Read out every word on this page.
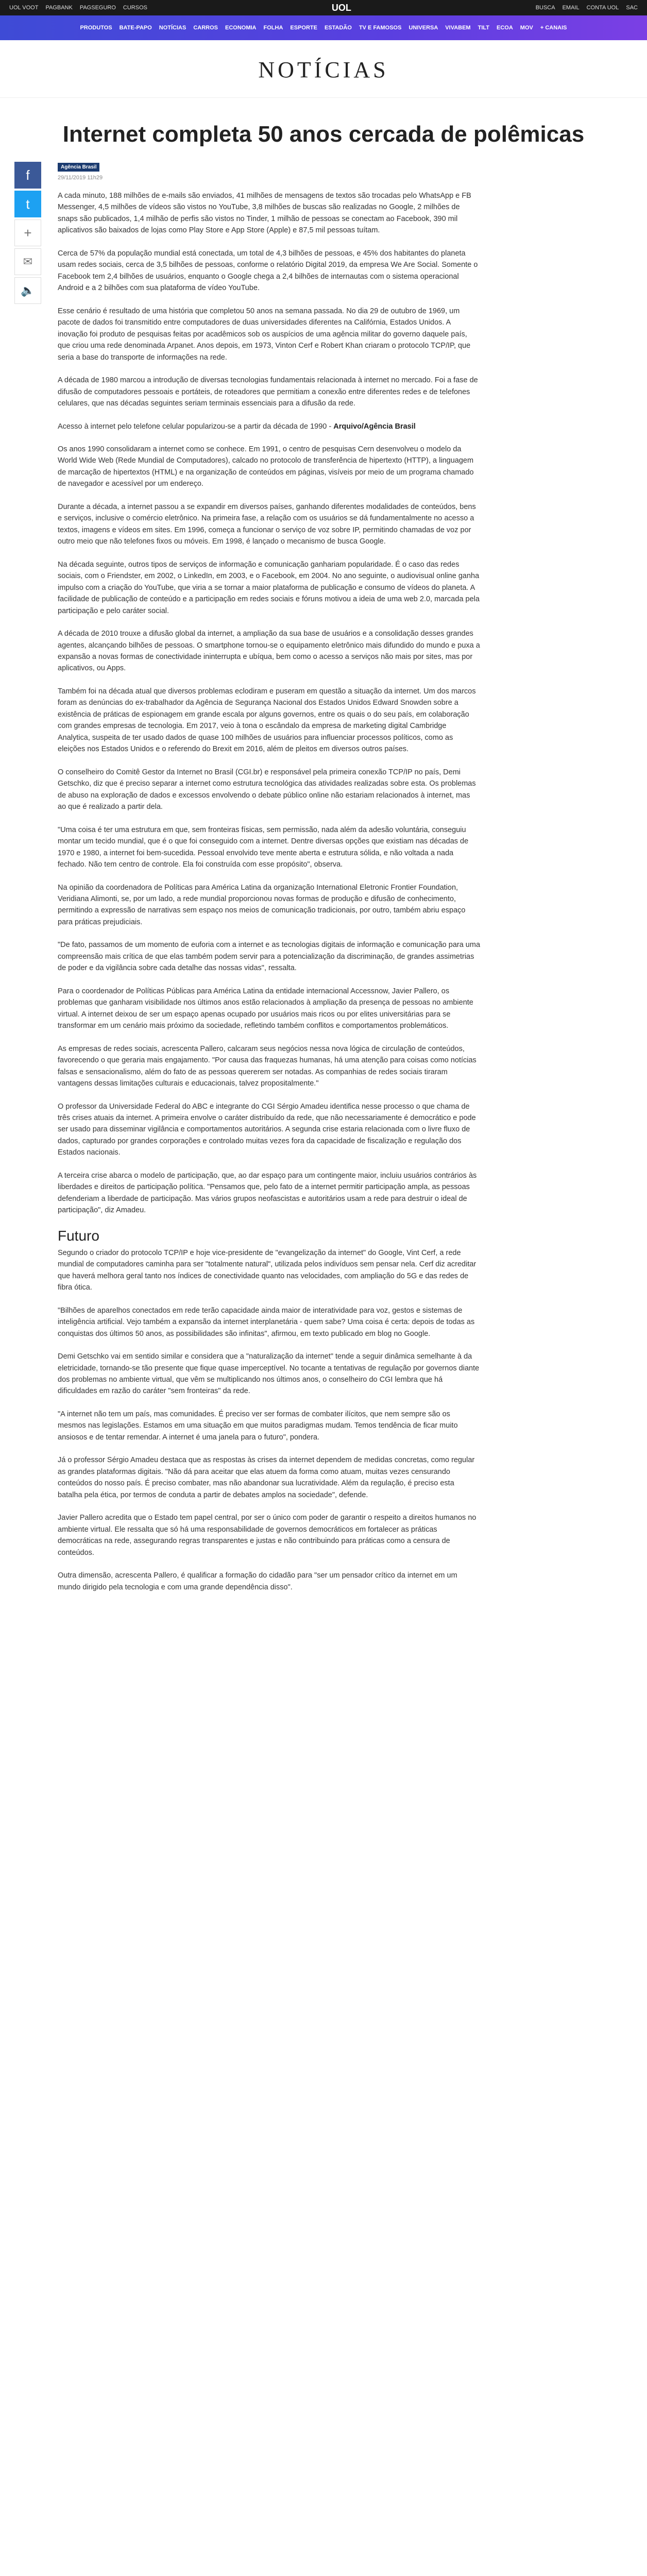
UOL VOOT PAGBANK PAGSEGURO CURSOS	UOL	BUSCA EMAIL CONTA UOL SAC
PRODUTOS BATE-PAPO NOTÍCIAS CARROS ECONOMIA FOLHA ESPORTE ESTADÃO TV E FAMOSOS UNIVERSA VIVABEM TILT ECOA MOV + CANAIS
NOTÍCIAS
Internet completa 50 anos cercada de polêmicas
f
t
+
✉
🔈
Agência Brasil
29/11/2019 11h29

A cada minuto, 188 milhões de e-mails são enviados, 41 milhões de mensagens de textos são trocadas pelo WhatsApp e FB Messenger, 4,5 milhões de vídeos são vistos no YouTube, 3,8 milhões de buscas são realizadas no Google, 2 milhões de snaps são publicados, 1,4 milhão de perfis são vistos no Tinder, 1 milhão de pessoas se conectam ao Facebook, 390 mil aplicativos são baixados de lojas como Play Store e App Store (Apple) e 87,5 mil pessoas tuítam.

Cerca de 57% da população mundial está conectada, um total de 4,3 bilhões de pessoas, e 45% dos habitantes do planeta usam redes sociais, cerca de 3,5 bilhões de pessoas, conforme o relatório Digital 2019, da empresa We Are Social. Somente o Facebook tem 2,4 bilhões de usuários, enquanto o Google chega a 2,4 bilhões de internautas com o sistema operacional Android e a 2 bilhões com sua plataforma de vídeo YouTube.

Esse cenário é resultado de uma história que completou 50 anos na semana passada. No dia 29 de outubro de 1969, um pacote de dados foi transmitido entre computadores de duas universidades diferentes na Califórnia, Estados Unidos. A inovação foi produto de pesquisas feitas por acadêmicos sob os auspícios de uma agência militar do governo daquele país, que criou uma rede denominada Arpanet. Anos depois, em 1973, Vinton Cerf e Robert Khan criaram o protocolo TCP/IP, que seria a base do transporte de informações na rede.

A década de 1980 marcou a introdução de diversas tecnologias fundamentais relacionada à internet no mercado. Foi a fase de difusão de computadores pessoais e portáteis, de roteadores que permitiam a conexão entre diferentes redes e de telefones celulares, que nas décadas seguintes seriam terminais essenciais para a difusão da rede.

Acesso à internet pelo telefone celular popularizou-se a partir da década de 1990 - Arquivo/Agência Brasil

Os anos 1990 consolidaram a internet como se conhece. Em 1991, o centro de pesquisas Cern desenvolveu o modelo da World Wide Web (Rede Mundial de Computadores), calcado no protocolo de transferência de hipertexto (HTTP), a linguagem de marcação de hipertextos (HTML) e na organização de conteúdos em páginas, visíveis por meio de um programa chamado de navegador e acessível por um endereço.

Durante a década, a internet passou a se expandir em diversos países, ganhando diferentes modalidades de conteúdos, bens e serviços, inclusive o comércio eletrônico. Na primeira fase, a relação com os usuários se dá fundamentalmente no acesso a textos, imagens e vídeos em sites. Em 1996, começa a funcionar o serviço de voz sobre IP, permitindo chamadas de voz por outro meio que não telefones fixos ou móveis. Em 1998, é lançado o mecanismo de busca Google.

Na década seguinte, outros tipos de serviços de informação e comunicação ganhariam popularidade. É o caso das redes sociais, com o Friendster, em 2002, o LinkedIn, em 2003, e o Facebook, em 2004. No ano seguinte, o audiovisual online ganha impulso com a criação do YouTube, que viria a se tornar a maior plataforma de publicação e consumo de vídeos do planeta. A facilidade de publicação de conteúdo e a participação em redes sociais e fóruns motivou a ideia de uma web 2.0, marcada pela participação e pelo caráter social.

A década de 2010 trouxe a difusão global da internet, a ampliação da sua base de usuários e a consolidação desses grandes agentes, alcançando bilhões de pessoas. O smartphone tornou-se o equipamento eletrônico mais difundido do mundo e puxa a expansão a novas formas de conectividade ininterrupta e ubíqua, bem como o acesso a serviços não mais por sites, mas por aplicativos, ou Apps.

Também foi na década atual que diversos problemas eclodiram e puseram em questão a situação da internet. Um dos marcos foram as denúncias do ex-trabalhador da Agência de Segurança Nacional dos Estados Unidos Edward Snowden sobre a existência de práticas de espionagem em grande escala por alguns governos, entre os quais o do seu país, em colaboração com grandes empresas de tecnologia. Em 2017, veio à tona o escândalo da empresa de marketing digital Cambridge Analytica, suspeita de ter usado dados de quase 100 milhões de usuários para influenciar processos políticos, como as eleições nos Estados Unidos e o referendo do Brexit em 2016, além de pleitos em diversos outros países.

O conselheiro do Comitê Gestor da Internet no Brasil (CGI.br) e responsável pela primeira conexão TCP/IP no país, Demi Getschko, diz que é preciso separar a internet como estrutura tecnológica das atividades realizadas sobre esta. Os problemas de abuso na exploração de dados e excessos envolvendo o debate público online não estariam relacionados à internet, mas ao que é realizado a partir dela.

"Uma coisa é ter uma estrutura em que, sem fronteiras físicas, sem permissão, nada além da adesão voluntária, conseguiu montar um tecido mundial, que é o que foi conseguido com a internet. Dentre diversas opções que existiam nas décadas de 1970 e 1980, a internet foi bem-sucedida. Pessoal envolvido teve mente aberta e estrutura sólida, e não voltada a nada fechado. Não tem centro de controle. Ela foi construída com esse propósito", observa.

Na opinião da coordenadora de Políticas para América Latina da organização International Eletronic Frontier Foundation, Veridiana Alimonti, se, por um lado, a rede mundial proporcionou novas formas de produção e difusão de conhecimento, permitindo a expressão de narrativas sem espaço nos meios de comunicação tradicionais, por outro, também abriu espaço para práticas prejudiciais.

"De fato, passamos de um momento de euforia com a internet e as tecnologias digitais de informação e comunicação para uma compreensão mais crítica de que elas também podem servir para a potencialização da discriminação, de grandes assimetrias de poder e da vigilância sobre cada detalhe das nossas vidas", ressalta.

Para o coordenador de Políticas Públicas para América Latina da entidade internacional Accessnow, Javier Pallero, os problemas que ganharam visibilidade nos últimos anos estão relacionados à ampliação da presença de pessoas no ambiente virtual. A internet deixou de ser um espaço apenas ocupado por usuários mais ricos ou por elites universitárias para se transformar em um cenário mais próximo da sociedade, refletindo também conflitos e comportamentos problemáticos.

As empresas de redes sociais, acrescenta Pallero, calcaram seus negócios nessa nova lógica de circulação de conteúdos, favorecendo o que geraria mais engajamento. "Por causa das fraquezas humanas, há uma atenção para coisas como notícias falsas e sensacionalismo, além do fato de as pessoas quererem ser notadas. As companhias de redes sociais tiraram vantagens dessas limitações culturais e educacionais, talvez propositalmente."

O professor da Universidade Federal do ABC e integrante do CGI Sérgio Amadeu identifica nesse processo o que chama de três crises atuais da internet. A primeira envolve o caráter distribuído da rede, que não necessariamente é democrático e pode ser usado para disseminar vigilância e comportamentos autoritários. A segunda crise estaria relacionada com o livre fluxo de dados, capturado por grandes corporações e controlado muitas vezes fora da capacidade de fiscalização e regulação dos Estados nacionais.

A terceira crise abarca o modelo de participação, que, ao dar espaço para um contingente maior, incluiu usuários contrários às liberdades e direitos de participação política. "Pensamos que, pelo fato de a internet permitir participação ampla, as pessoas defenderiam a liberdade de participação. Mas vários grupos neofascistas e autoritários usam a rede para destruir o ideal de participação", diz Amadeu.

Futuro

Segundo o criador do protocolo TCP/IP e hoje vice-presidente de "evangelização da internet" do Google, Vint Cerf, a rede mundial de computadores caminha para ser "totalmente natural", utilizada pelos indivíduos sem pensar nela. Cerf diz acreditar que haverá melhora geral tanto nos índices de conectividade quanto nas velocidades, com ampliação do 5G e das redes de fibra ótica.

"Bilhões de aparelhos conectados em rede terão capacidade ainda maior de interatividade para voz, gestos e sistemas de inteligência artificial. Vejo também a expansão da internet interplanetária - quem sabe? Uma coisa é certa: depois de todas as conquistas dos últimos 50 anos, as possibilidades são infinitas", afirmou, em texto publicado em blog no Google.

Demi Getschko vai em sentido similar e considera que a "naturalização da internet" tende a seguir dinâmica semelhante à da eletricidade, tornando-se tão presente que fique quase imperceptível. No tocante a tentativas de regulação por governos diante dos problemas no ambiente virtual, que vêm se multiplicando nos últimos anos, o conselheiro do CGI lembra que há dificuldades em razão do caráter "sem fronteiras" da rede.

"A internet não tem um país, mas comunidades. É preciso ver ser formas de combater ilícitos, que nem sempre são os mesmos nas legislações. Estamos em uma situação em que muitos paradigmas mudam. Temos tendência de ficar muito ansiosos e de tentar remendar. A internet é uma janela para o futuro", pondera.

Já o professor Sérgio Amadeu destaca que as respostas às crises da internet dependem de medidas concretas, como regular as grandes plataformas digitais. "Não dá para aceitar que elas atuem da forma como atuam, muitas vezes censurando conteúdos do nosso país. É preciso combater, mas não abandonar sua lucratividade. Além da regulação, é preciso esta batalha pela ética, por termos de conduta a partir de debates amplos na sociedade", defende.

Javier Pallero acredita que o Estado tem papel central, por ser o único com poder de garantir o respeito a direitos humanos no ambiente virtual. Ele ressalta que só há uma responsabilidade de governos democráticos em fortalecer as práticas democráticas na rede, assegurando regras transparentes e justas e não contribuindo para práticas como a censura de conteúdos.

Outra dimensão, acrescenta Pallero, é qualificar a formação do cidadão para "ser um pensador crítico da internet em um mundo dirigido pela tecnologia e com uma grande dependência disso".
